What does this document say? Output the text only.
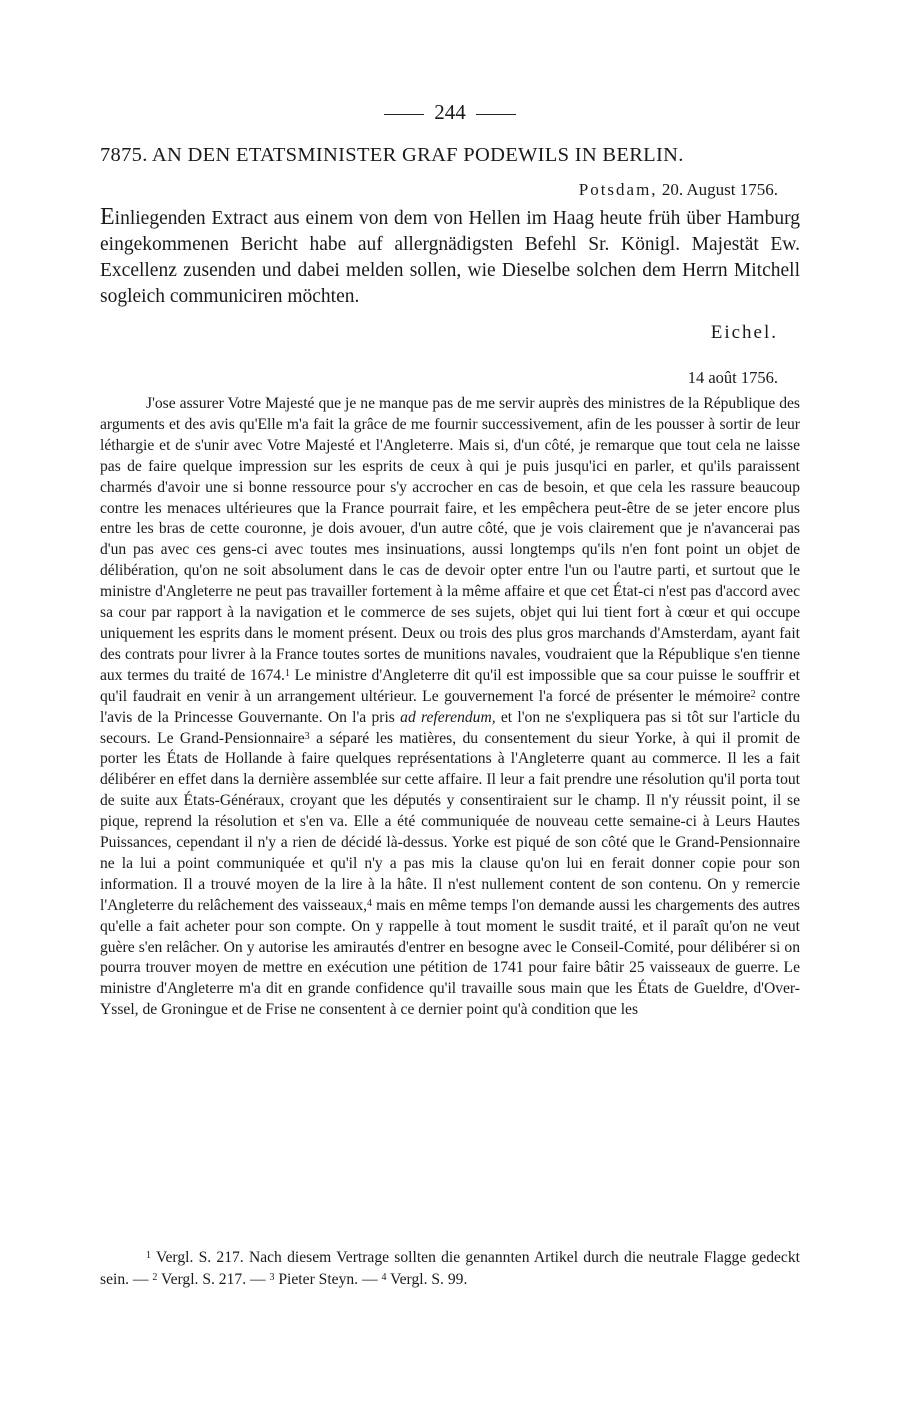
244
7875. AN DEN ETATSMINISTER GRAF PODEWILS IN BERLIN.
Potsdam, 20. August 1756.
Einliegenden Extract aus einem von dem von Hellen im Haag heute früh über Hamburg eingekommenen Bericht habe auf allergnädigsten Befehl Sr. Königl. Majestät Ew. Excellenz zusenden und dabei melden sollen, wie Dieselbe solchen dem Herrn Mitchell sogleich communiciren möchten.
Eichel.
14 août 1756.
J'ose assurer Votre Majesté que je ne manque pas de me servir auprès des ministres de la République des arguments et des avis qu'Elle m'a fait la grâce de me fournir successivement, afin de les pousser à sortir de leur léthargie et de s'unir avec Votre Majesté et l'Angleterre. Mais si, d'un côté, je remarque que tout cela ne laisse pas de faire quelque impression sur les esprits de ceux à qui je puis jusqu'ici en parler, et qu'ils paraissent charmés d'avoir une si bonne ressource pour s'y accrocher en cas de besoin, et que cela les rassure beaucoup contre les menaces ultérieures que la France pourrait faire, et les empêchera peut-être de se jeter encore plus entre les bras de cette couronne, je dois avouer, d'un autre côté, que je vois clairement que je n'avancerai pas d'un pas avec ces gens-ci avec toutes mes insinuations, aussi longtemps qu'ils n'en font point un objet de délibération, qu'on ne soit absolument dans le cas de devoir opter entre l'un ou l'autre parti, et surtout que le ministre d'Angleterre ne peut pas travailler fortement à la même affaire et que cet État-ci n'est pas d'accord avec sa cour par rapport à la navigation et le commerce de ses sujets, objet qui lui tient fort à cœur et qui occupe uniquement les esprits dans le moment présent. Deux ou trois des plus gros marchands d'Amsterdam, ayant fait des contrats pour livrer à la France toutes sortes de munitions navales, voudraient que la République s'en tienne aux termes du traité de 1674.$^1$ Le ministre d'Angleterre dit qu'il est impossible que sa cour puisse le souffrir et qu'il faudrait en venir à un arrangement ultérieur. Le gouvernement l'a forcé de présenter le mémoire$^2$ contre l'avis de la Princesse Gouvernante. On l'a pris ad referendum, et l'on ne s'expliquera pas si tôt sur l'article du secours. Le Grand-Pensionnaire$^3$ a séparé les matières, du consentement du sieur Yorke, à qui il promit de porter les États de Hollande à faire quelques représentations à l'Angleterre quant au commerce. Il les a fait délibérer en effet dans la dernière assemblée sur cette affaire. Il leur a fait prendre une résolution qu'il porta tout de suite aux États-Généraux, croyant que les députés y consentiraient sur le champ. Il n'y réussit point, il se pique, reprend la résolution et s'en va. Elle a été communiquée de nouveau cette semaine-ci à Leurs Hautes Puissances, cependant il n'y a rien de décidé là-dessus. Yorke est piqué de son côté que le Grand-Pensionnaire ne la lui a point communiquée et qu'il n'y a pas mis la clause qu'on lui en ferait donner copie pour son information. Il a trouvé moyen de la lire à la hâte. Il n'est nullement content de son contenu. On y remercie l'Angleterre du relâchement des vaisseaux,$^4$ mais en même temps l'on demande aussi les chargements des autres qu'elle a fait acheter pour son compte. On y rappelle à tout moment le susdit traité, et il paraît qu'on ne veut guère s'en relâcher. On y autorise les amirautés d'entrer en besogne avec le Conseil-Comité, pour délibérer si on pourra trouver moyen de mettre en exécution une pétition de 1741 pour faire bâtir 25 vaisseaux de guerre. Le ministre d'Angleterre m'a dit en grande confidence qu'il travaille sous main que les États de Gueldre, d'Over-Yssel, de Groningue et de Frise ne consentent à ce dernier point qu'à condition que les
$^1$ Vergl. S. 217. Nach diesem Vertrage sollten die genannten Artikel durch die neutrale Flagge gedeckt sein. — $^2$ Vergl. S. 217. — $^3$ Pieter Steyn. — $^4$ Vergl. S. 99.
